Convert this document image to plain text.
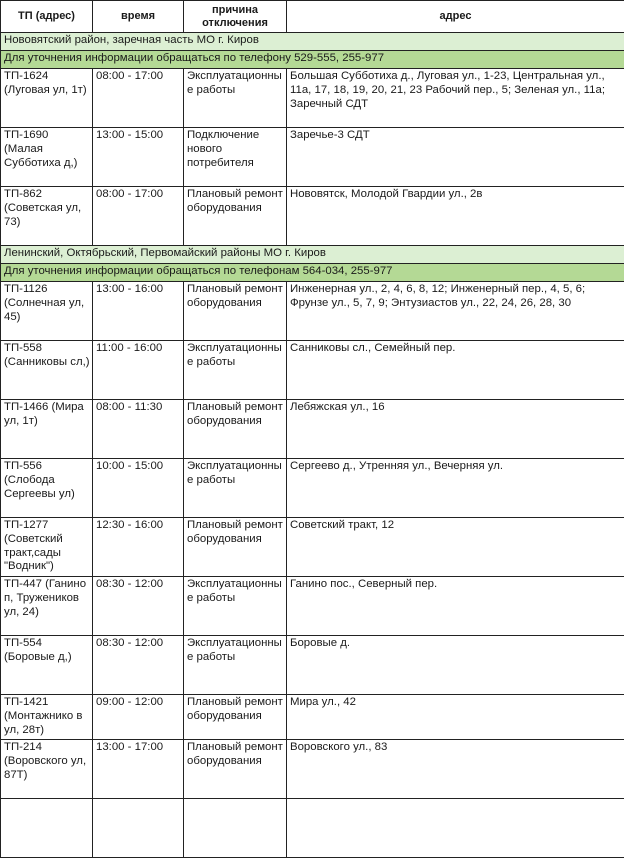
ТП (адрес)	время	причина отключения	адрес
Нововятский район, заречная часть МО г. Киров			
Для уточнения информации обращаться по телефону 529-555, 255-977			
ТП-1624 (Луговая ул, 1т)	08:00 - 17:00	Эксплуатационные работы	Большая Субботиха д., Луговая ул., 1-23, Центральная ул., 11а, 17, 18, 19, 20, 21, 23 Рабочий пер., 5; Зеленая ул., 11а; Заречный СДТ
ТП-1690 (Малая Субботиха д,)	13:00 - 15:00	Подключение нового потребителя	Заречье-3 СДТ
ТП-862 (Советская ул, 73)	08:00 - 17:00	Плановый ремонт оборудования	Нововятск, Молодой Гвардии ул., 2в
Ленинский, Октябрьский, Первомайский районы МО г. Киров			
Для уточнения информации обращаться по телефонам 564-034, 255-977			
ТП-1126 (Солнечная ул, 45)	13:00 - 16:00	Плановый ремонт оборудования	Инженерная ул., 2, 4, 6, 8, 12; Инженерный пер., 4, 5, 6; Фрунзе ул., 5, 7, 9; Энтузиастов ул., 22, 24, 26, 28, 30
ТП-558 (Санниковы сл,)	11:00 - 16:00	Эксплуатационные работы	Санниковы сл., Семейный пер.
ТП-1466 (Мира ул, 1т)	08:00 - 11:30	Плановый ремонт оборудования	Лебяжская ул., 16
ТП-556 (Слобода Сергеевы ул)	10:00 - 15:00	Эксплуатационные работы	Сергеево д., Утренняя ул., Вечерняя ул.
ТП-1277 (Советский тракт,сады "Водник")	12:30 - 16:00	Плановый ремонт оборудования	Советский тракт, 12
ТП-447 (Ганино п, Тружеников ул, 24)	08:30 - 12:00	Эксплуатационные работы	Ганино пос., Северный пер.
ТП-554 (Боровые д,)	08:30 - 12:00	Эксплуатационные работы	Боровые д.
ТП-1421 (Монтажнико в ул, 28т)	09:00 - 12:00	Плановый ремонт оборудования	Мира ул., 42
ТП-214 (Воровского ул, 87Т)	13:00 - 17:00	Плановый ремонт оборудования	Воровского ул., 83
